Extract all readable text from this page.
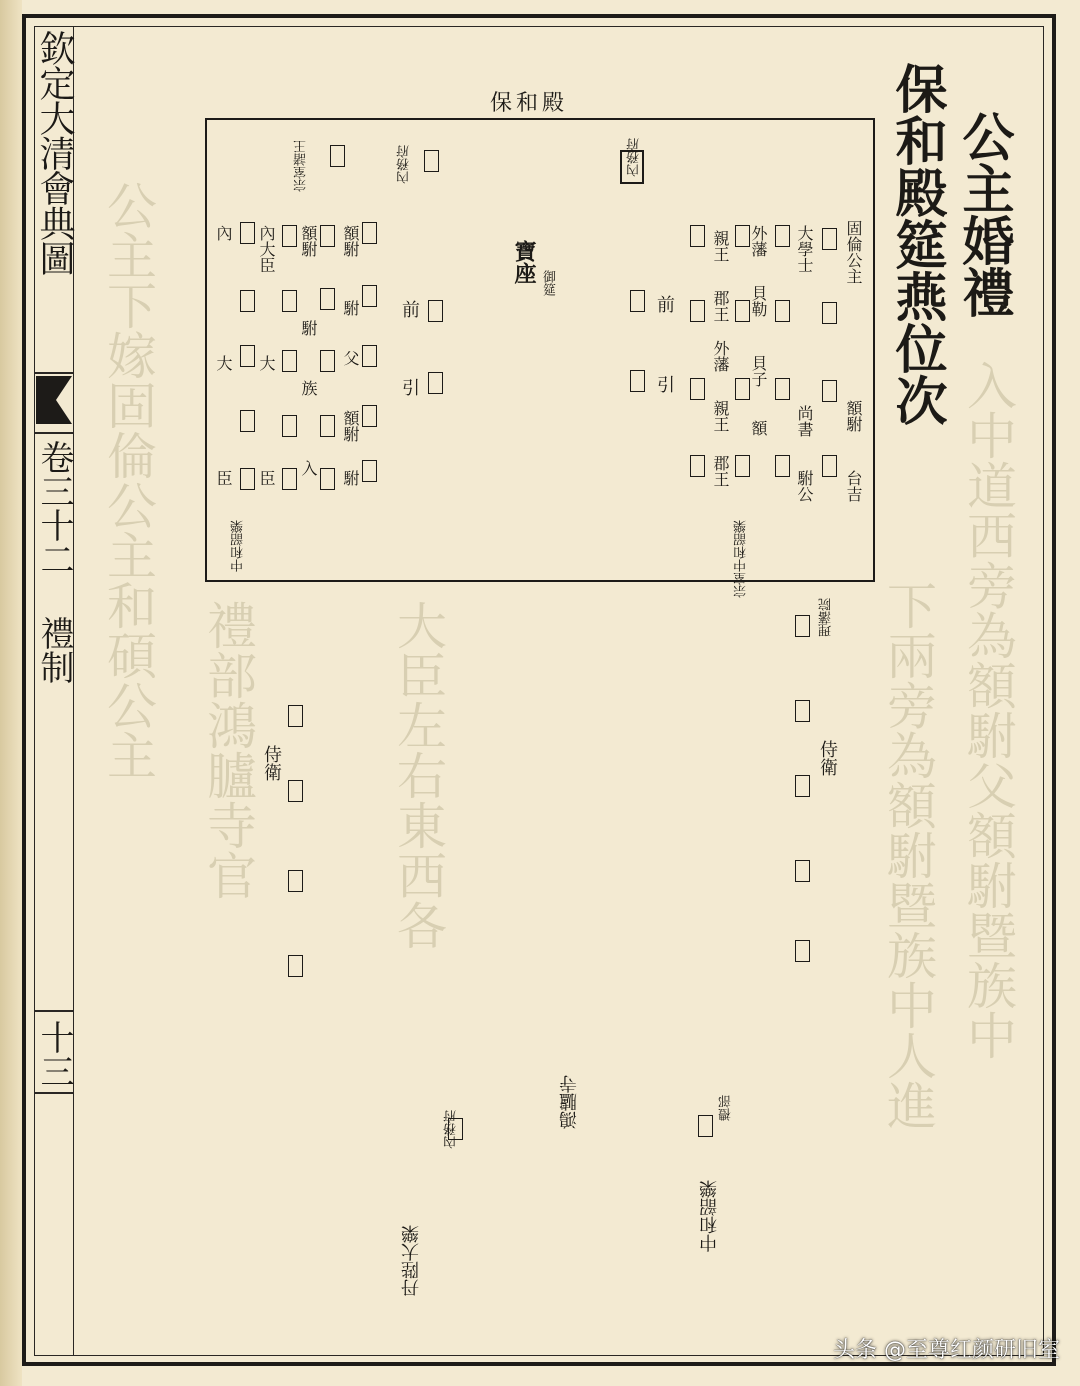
入中道西旁為額駙父額駙暨族中
下兩旁為額駙暨族中人進
公主下嫁固倫公主和碩公主	大臣左右東西各
禮部鴻臚寺官
欽定大清會典圖
卷三十二 禮制
十三
公主婚禮
保和殿筵燕位次
保和殿
寶座 御筵
內務府
前
引
前
引
固倫公主
額駙
台吉
大學士
尚書
駙公
外藩
貝勒
貝子
額
親王
郡王
外藩
親王
郡王
宗室中和韶樂
宗室諸王	內務府
內
大
臣
內大臣
大
臣
額駙
駙
族
入
額駙
駙
父
額駙
駙
中和韶樂
理藩院
侍衛
侍衛
禮部
中和韶樂
鴻臚寺
內務府
丹陛大樂
头条 @至尊红颜研旧室
